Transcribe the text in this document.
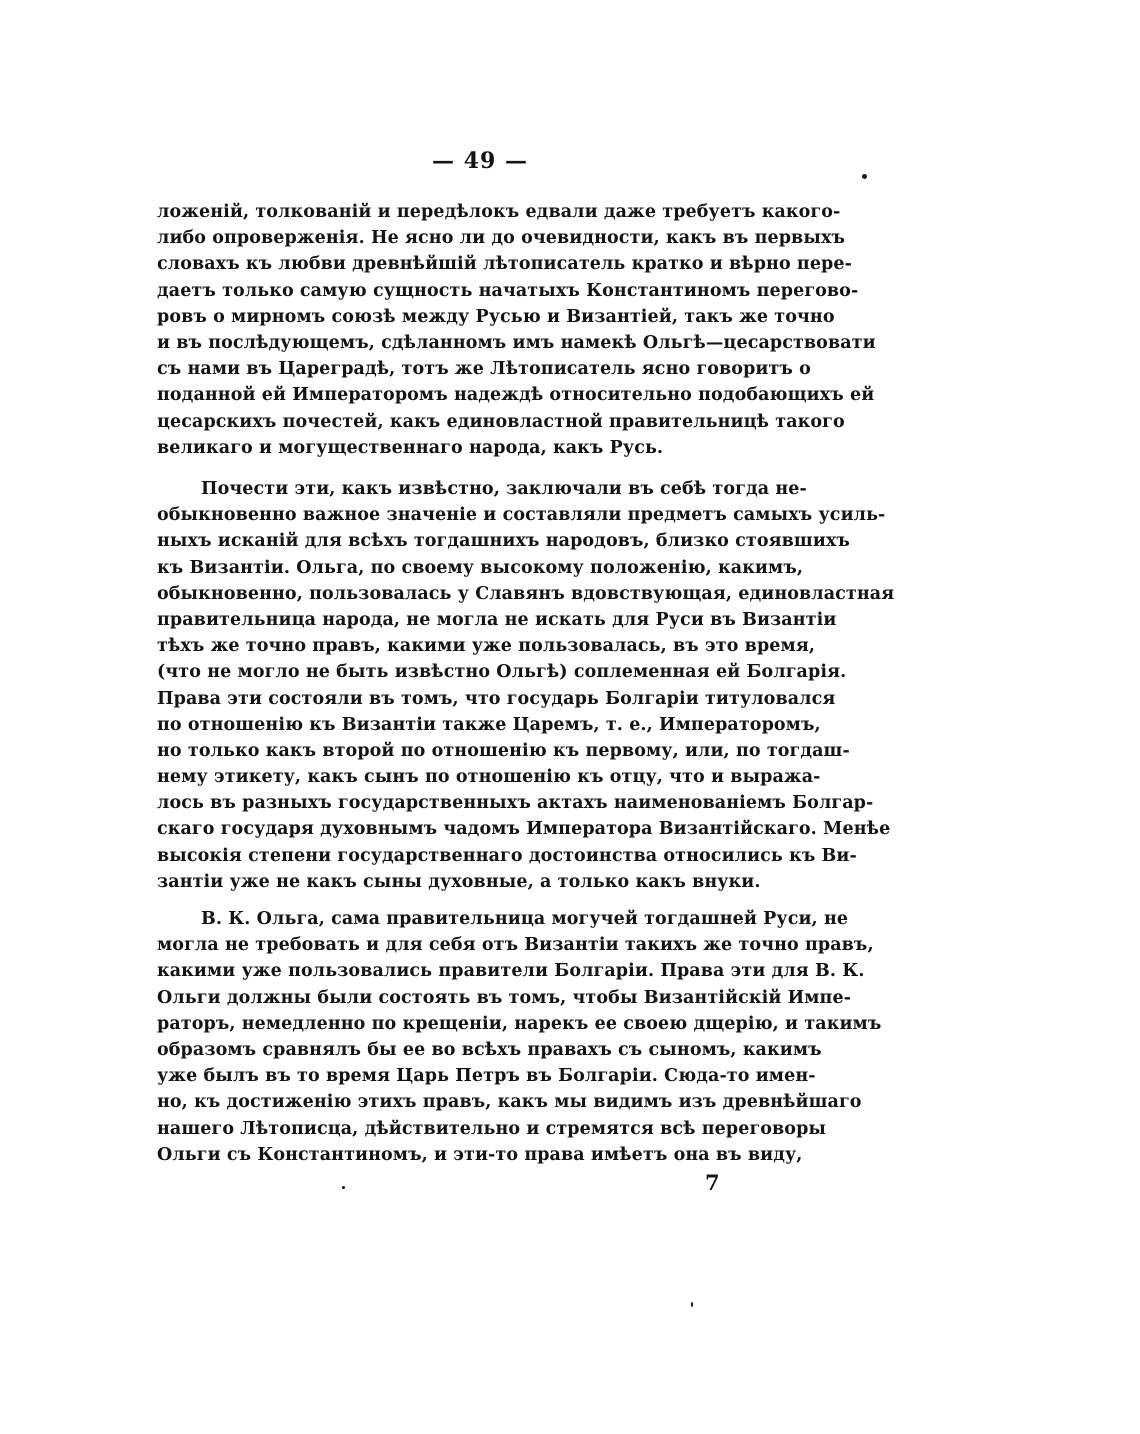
— 49 —
ложеній, толкованій и передѣлокъ едвали даже требуетъ какого-
либо опроверженія. Не ясно ли до очевидности, какъ въ первыхъ
словахъ къ любви древнѣйшій лѣтописатель кратко и вѣрно пере-
даетъ только самую сущность начатыхъ Константиномъ перегово-
ровъ о мирномъ союзѣ между Русью и Византіей, такъ же точно
и въ послѣдующемъ, сдѣланномъ имъ намекѣ Ольгѣ—цесарствовати
съ нами въ Цареградѣ, тотъ же Лѣтописатель ясно говоритъ о
поданной ей Императоромъ надеждѣ относительно подобающихъ ей
цесарскихъ почестей, какъ единовластной правительницѣ такого
великаго и могущественнаго народа, какъ Русь.
Почести эти, какъ извѣстно, заключали въ себѣ тогда не-
обыкновенно важное значеніе и составляли предметъ самыхъ усиль-
ныхъ исканій для всѣхъ тогдашнихъ народовъ, близко стоявшихъ
къ Византіи. Ольга, по своему высокому положенію, какимъ,
обыкновенно, пользовалась у Славянъ вдовствующая, единовластная
правительница народа, не могла не искать для Руси въ Византіи
тѣхъ же точно правъ, какими уже пользовалась, въ это время,
(что не могло не быть извѣстно Ольгѣ) соплеменная ей Болгарія.
Права эти состояли въ томъ, что государь Болгаріи титуловался
по отношенію къ Византіи также Царемъ, т. е., Императоромъ,
но только какъ второй по отношенію къ первому, или, по тогдаш-
нему этикету, какъ сынъ по отношенію къ отцу, что и выража-
лось въ разныхъ государственныхъ актахъ наименованіемъ Болгар-
скаго государя духовнымъ чадомъ Императора Византійскаго. Менѣе
высокія степени государственнаго достоинства относились къ Ви-
зантіи уже не какъ сыны духовные, а только какъ внуки.
В. К. Ольга, сама правительница могучей тогдашней Руси, не
могла не требовать и для себя отъ Византіи такихъ же точно правъ,
какими уже пользовались правители Болгаріи. Права эти для В. К.
Ольги должны были состоять въ томъ, чтобы Византійскій Импе-
раторъ, немедленно по крещеніи, нарекъ ее своею дщерію, и такимъ
образомъ сравнялъ бы ее во всѣхъ правахъ съ сыномъ, какимъ
уже былъ въ то время Царь Петръ въ Болгаріи. Сюда-то имен-
но, къ достиженію этихъ правъ, какъ мы видимъ изъ древнѣйшаго
нашего Лѣтописца, дѣйствительно и стремятся всѣ переговоры
Ольги съ Константиномъ, и эти-то права имѣетъ она въ виду,
7
